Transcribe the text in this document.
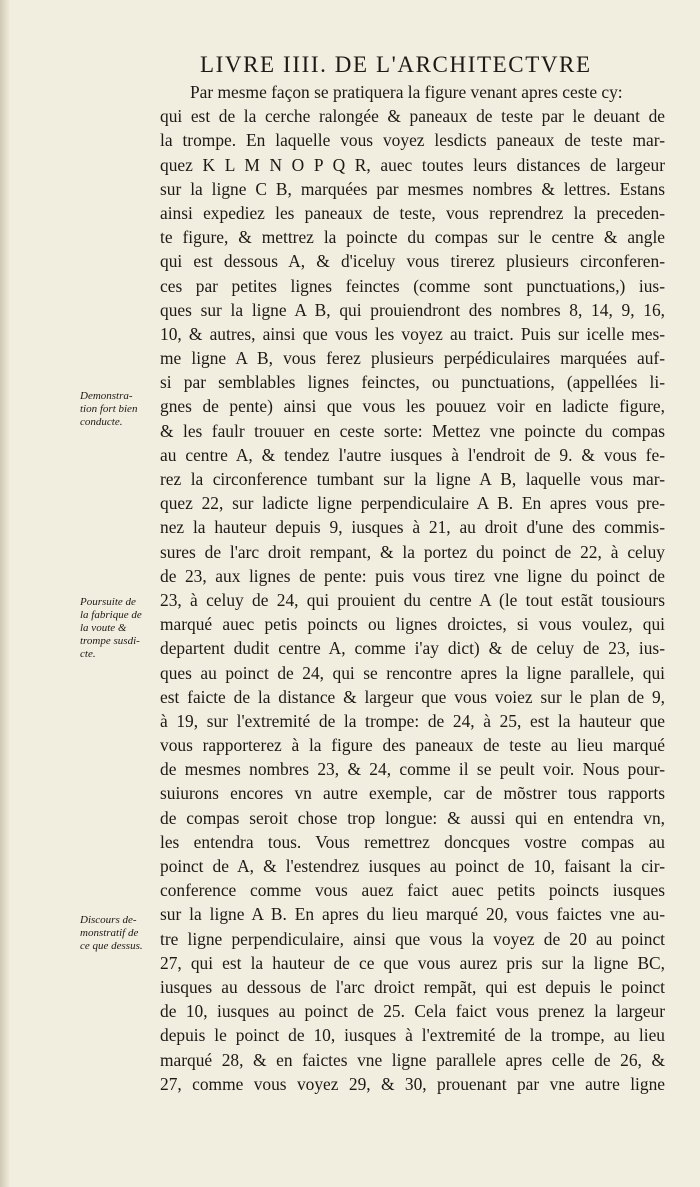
LIVRE IIII. DE L'ARCHITECTVRE
Par mesme façon se pratiquera la figure venant apres ceste cy:
qui est de la cerche ralongée & paneaux de teste par le deuant de
la trompe. En laquelle vous voyez lesdicts paneaux de teste mar-
quez K L M N O P Q R, auec toutes leurs distances de largeur
sur la ligne C B, marquées par mesmes nombres & lettres. Estans
ainsi expediez les paneaux de teste, vous reprendrez la preceden-
te figure, & mettrez la poincte du compas sur le centre & angle
qui est dessous A, & d'iceluy vous tirerez plusieurs circonferen-
ces par petites lignes feinctes (comme sont punctuations,) ius-
ques sur la ligne A B, qui prouiendront des nombres 8, 14, 9, 16,
10, & autres, ainsi que vous les voyez au traict. Puis sur icelle mes-
me ligne A B, vous ferez plusieurs perpédiculaires marquées auf-
si par semblables lignes feinctes, ou punctuations, (appellées li-
gnes de pente) ainsi que vous les pouuez voir en ladicte figure,
& les faulr trouuer en ceste sorte: Mettez vne poincte du compas
au centre A, & tendez l'autre iusques à l'endroit de 9. & vous fe-
rez la circonference tumbant sur la ligne A B, laquelle vous mar-
quez 22, sur ladicte ligne perpendiculaire A B. En apres vous pre-
nez la hauteur depuis 9, iusques à 21, au droit d'une des commis-
sures de l'arc droit rempant, & la portez du poinct de 22, à celuy
de 23, aux lignes de pente: puis vous tirez vne ligne du poinct de
23, à celuy de 24, qui prouient du centre A (le tout estãt tousiours
marqué auec petis poincts ou lignes droictes, si vous voulez, qui
departent dudit centre A, comme i'ay dict) & de celuy de 23, ius-
ques au poinct de 24, qui se rencontre apres la ligne parallele, qui
est faicte de la distance & largeur que vous voiez sur le plan de 9,
à 19, sur l'extremité de la trompe: de 24, à 25, est la hauteur que
vous rapporterez à la figure des paneaux de teste au lieu marqué
de mesmes nombres 23, & 24, comme il se peult voir. Nous pour-
suiurons encores vn autre exemple, car de mõstrer tous rapports
de compas seroit chose trop longue: & aussi qui en entendra vn,
les entendra tous. Vous remettrez doncques vostre compas au
poinct de A, & l'estendrez iusques au poinct de 10, faisant la cir-
conference comme vous auez faict auec petits poincts iusques
sur la ligne A B. En apres du lieu marqué 20, vous faictes vne au-
tre ligne perpendiculaire, ainsi que vous la voyez de 20 au poinct
27, qui est la hauteur de ce que vous aurez pris sur la ligne BC,
iusques au dessous de l'arc droict rempãt, qui est depuis le poinct
de 10, iusques au poinct de 25. Cela faict vous prenez la largeur
depuis le poinct de 10, iusques à l'extremité de la trompe, au lieu
marqué 28, & en faictes vne ligne parallele apres celle de 26, &
27, comme vous voyez 29, & 30, prouenant par vne autre ligne
Demonstra-
tion fort bien
conducte.
Poursuite de
la fabrique de
la voute &
trompe susdi-
cte.
Discours de-
monstratif de
ce que dessus.
